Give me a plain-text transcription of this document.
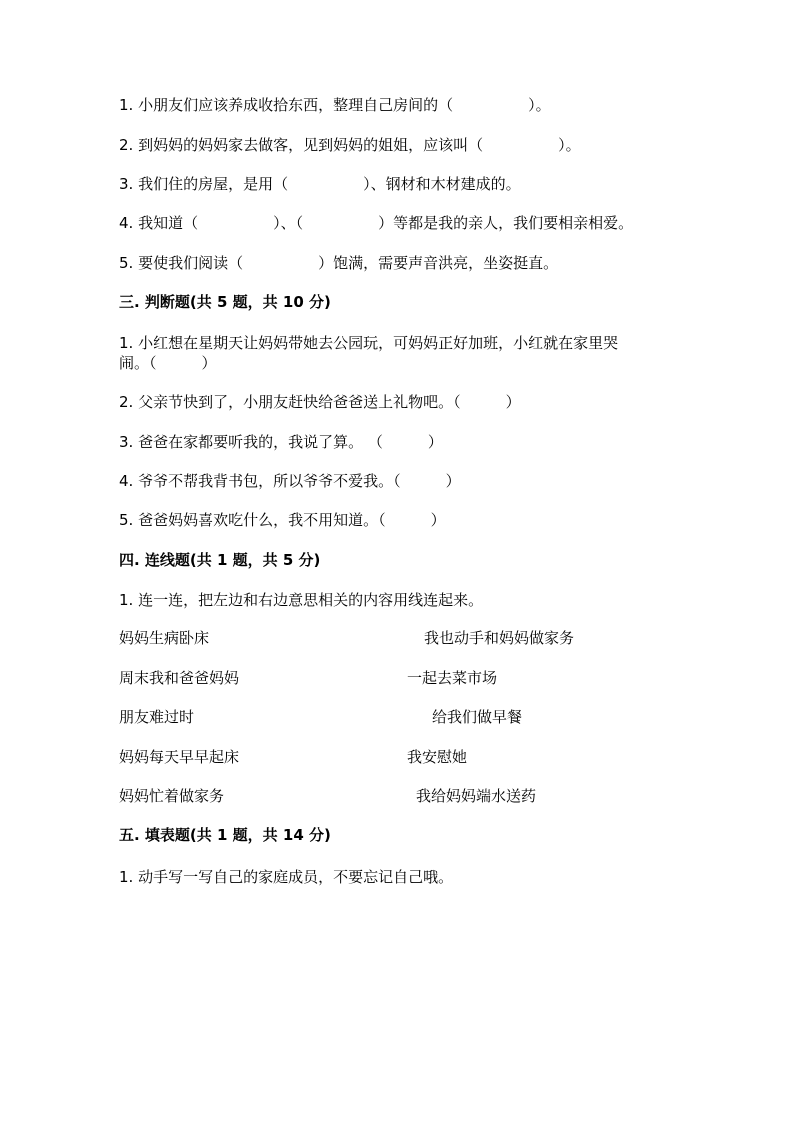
1. 小朋友们应该养成收拾东西，整理自己房间的（　　　　　）。
2. 到妈妈的妈妈家去做客，见到妈妈的姐姐，应该叫（　　　　　）。
3. 我们住的房屋，是用（　　　　　）、钢材和木材建成的。
4. 我知道（　　　　　）、（　　　　　）等都是我的亲人，我们要相亲相爱。
5. 要使我们阅读（　　　　　）饱满，需要声音洪亮，坐姿挺直。
三. 判断题(共 5 题，共 10 分)
1. 小红想在星期天让妈妈带她去公园玩，可妈妈正好加班，小红就在家里哭
闹。（　　　）
2. 父亲节快到了，小朋友赶快给爸爸送上礼物吧。（　　　）
3. 爸爸在家都要听我的，我说了算。 （　　　）
4. 爷爷不帮我背书包，所以爷爷不爱我。（　　　）
5. 爸爸妈妈喜欢吃什么，我不用知道。（　　　）
四. 连线题(共 1 题，共 5 分)
1. 连一连，把左边和右边意思相关的内容用线连起来。
妈妈生病卧床	我也动手和妈妈做家务
周末我和爸爸妈妈	一起去菜市场
朋友难过时	给我们做早餐
妈妈每天早早起床	我安慰她
妈妈忙着做家务	我给妈妈端水送药
五. 填表题(共 1 题，共 14 分)
1. 动手写一写自己的家庭成员，不要忘记自己哦。
